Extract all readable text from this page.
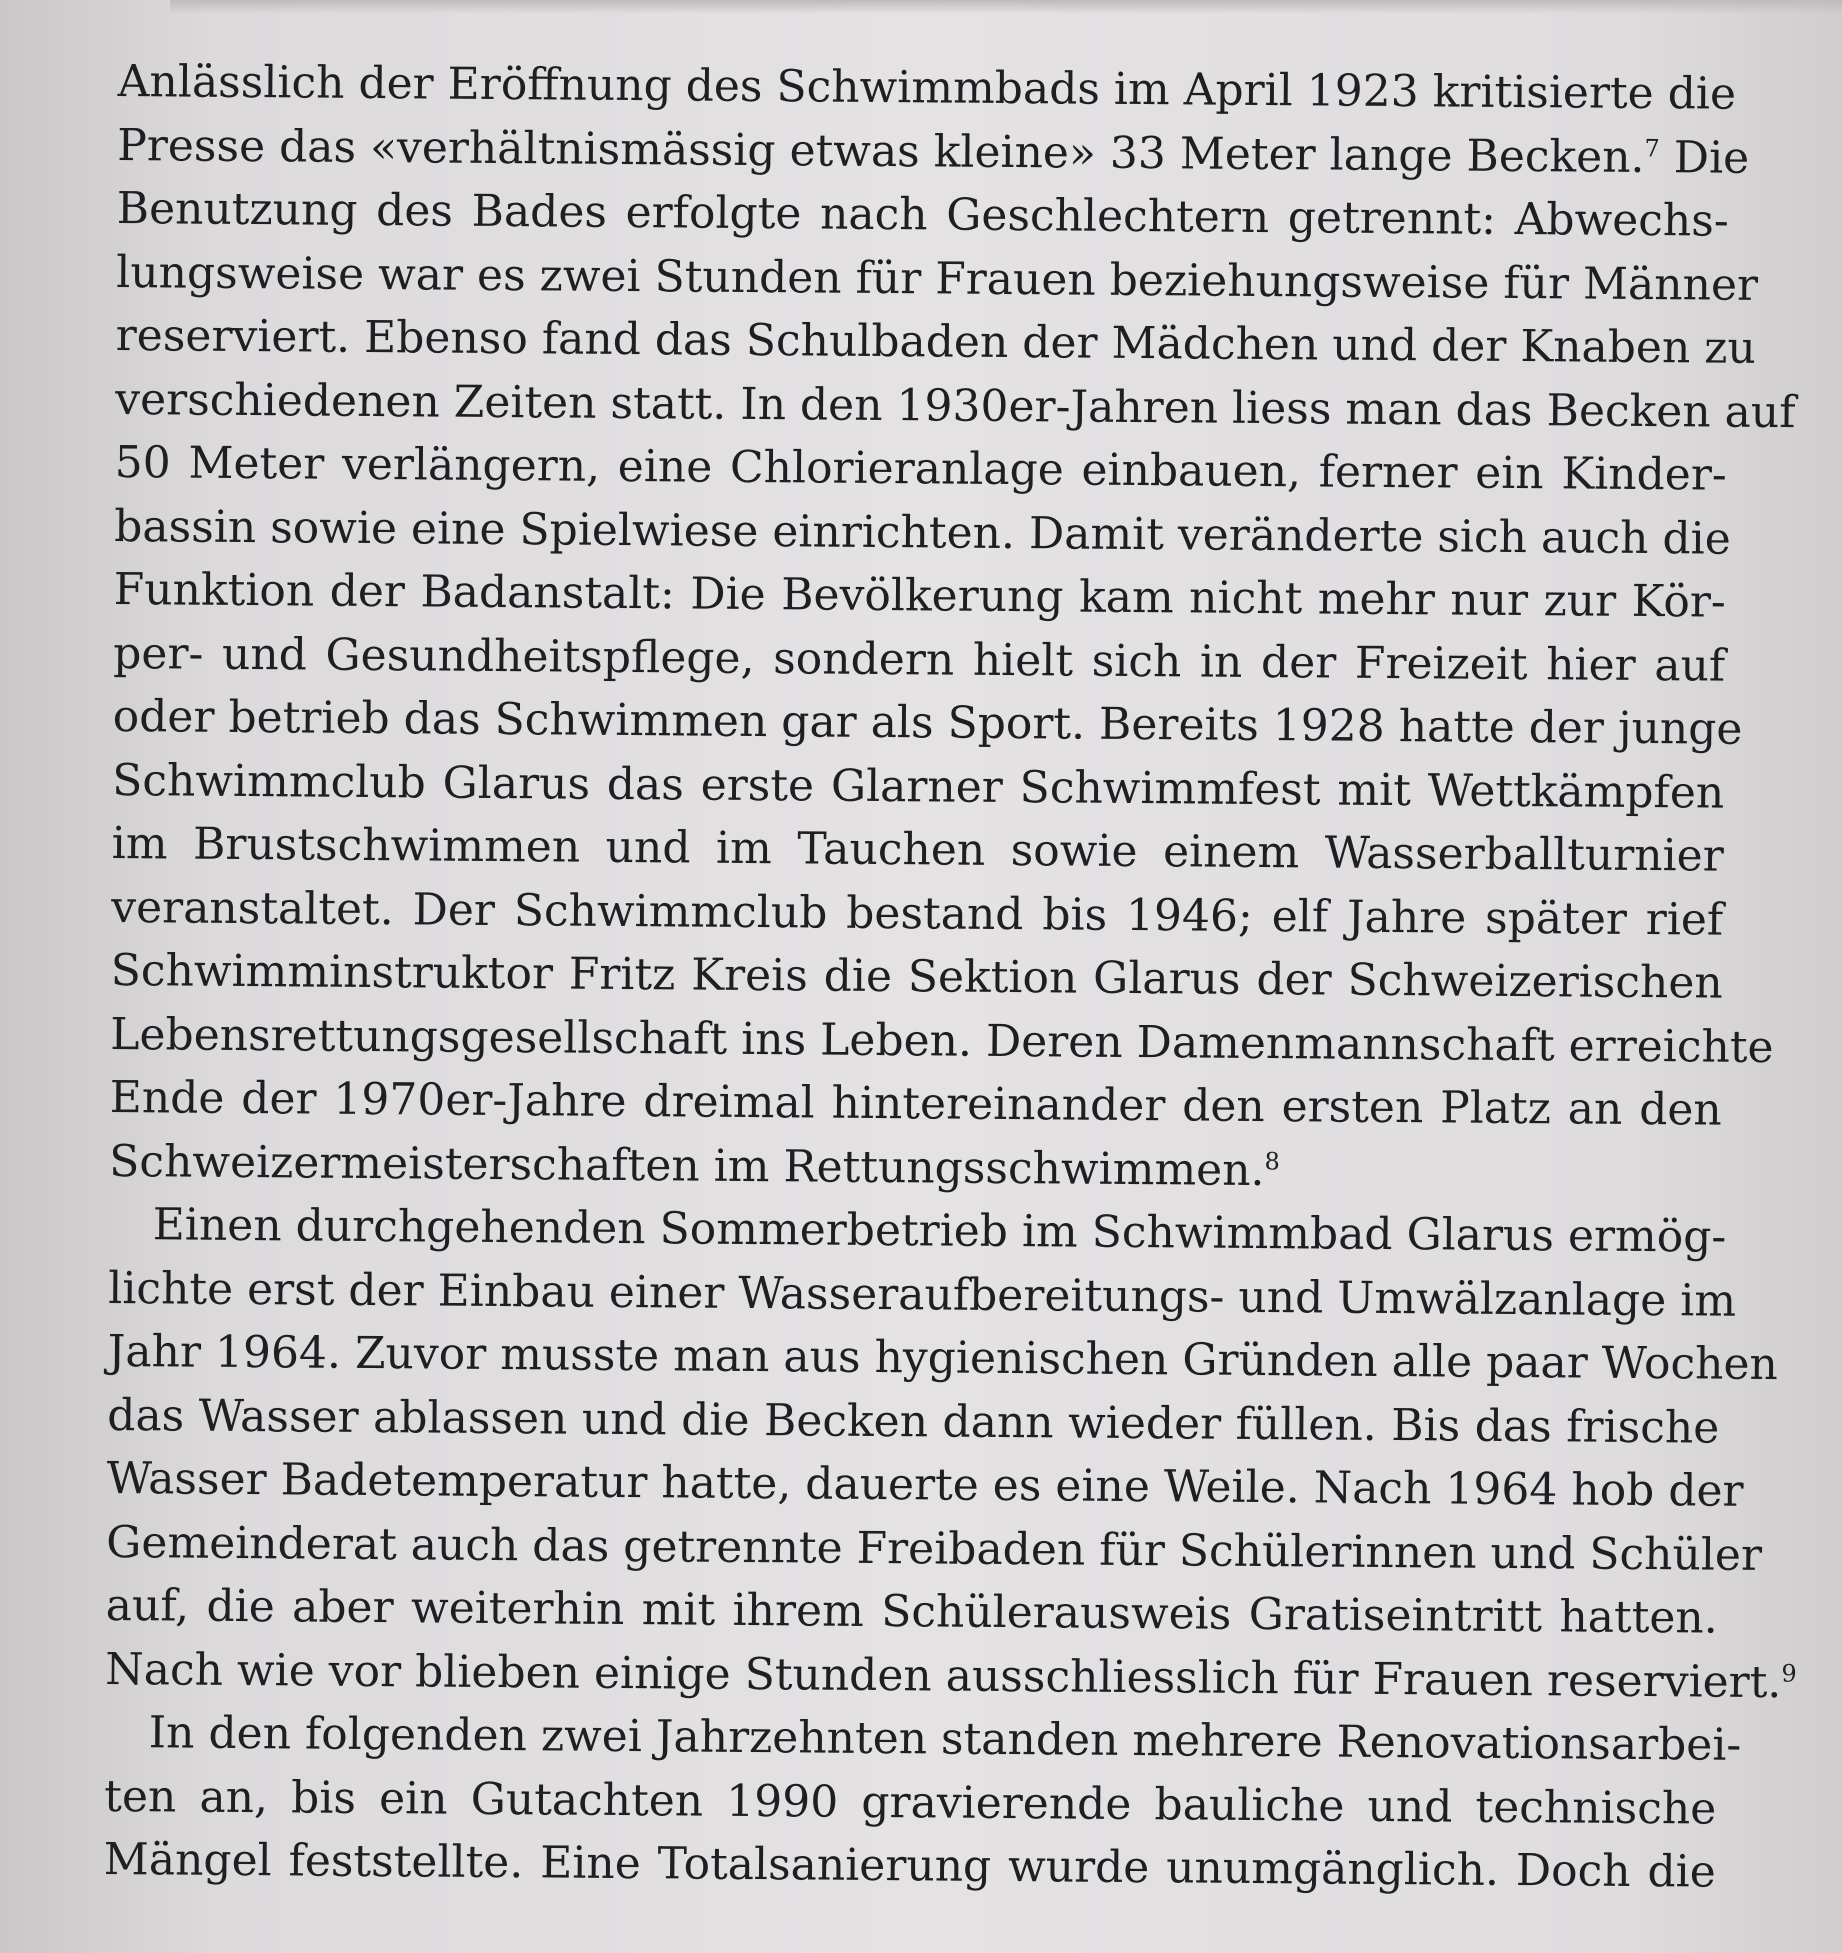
Anlässlich der Eröffnung des Schwimmbads im April 1923 kritisierte die
Presse das «verhältnismässig etwas kleine» 33 Meter lange Becken.$^7$ Die
Benutzung des Bades erfolgte nach Geschlechtern getrennt: Abwechs-
lungsweise war es zwei Stunden für Frauen beziehungsweise für Männer
reserviert. Ebenso fand das Schulbaden der Mädchen und der Knaben zu
verschiedenen Zeiten statt. In den 1930er-Jahren liess man das Becken auf
50 Meter verlängern, eine Chlorieranlage einbauen, ferner ein Kinder-
bassin sowie eine Spielwiese einrichten. Damit veränderte sich auch die
Funktion der Badanstalt: Die Bevölkerung kam nicht mehr nur zur Kör-
per- und Gesundheitspflege, sondern hielt sich in der Freizeit hier auf
oder betrieb das Schwimmen gar als Sport. Bereits 1928 hatte der junge
Schwimmclub Glarus das erste Glarner Schwimmfest mit Wettkämpfen
im Brustschwimmen und im Tauchen sowie einem Wasserballturnier
veranstaltet. Der Schwimmclub bestand bis 1946; elf Jahre später rief
Schwimminstruktor Fritz Kreis die Sektion Glarus der Schweizerischen
Lebensrettungsgesellschaft ins Leben. Deren Damenmannschaft erreichte
Ende der 1970er-Jahre dreimal hintereinander den ersten Platz an den
Schweizermeisterschaften im Rettungsschwimmen.$^8$
Einen durchgehenden Sommerbetrieb im Schwimmbad Glarus ermög-
lichte erst der Einbau einer Wasseraufbereitungs- und Umwälzanlage im
Jahr 1964. Zuvor musste man aus hygienischen Gründen alle paar Wochen
das Wasser ablassen und die Becken dann wieder füllen. Bis das frische
Wasser Badetemperatur hatte, dauerte es eine Weile. Nach 1964 hob der
Gemeinderat auch das getrennte Freibaden für Schülerinnen und Schüler
auf, die aber weiterhin mit ihrem Schülerausweis Gratiseintritt hatten.
Nach wie vor blieben einige Stunden ausschliesslich für Frauen reserviert.$^9$
In den folgenden zwei Jahrzehnten standen mehrere Renovationsarbei-
ten an, bis ein Gutachten 1990 gravierende bauliche und technische
Mängel feststellte. Eine Totalsanierung wurde unumgänglich. Doch die
